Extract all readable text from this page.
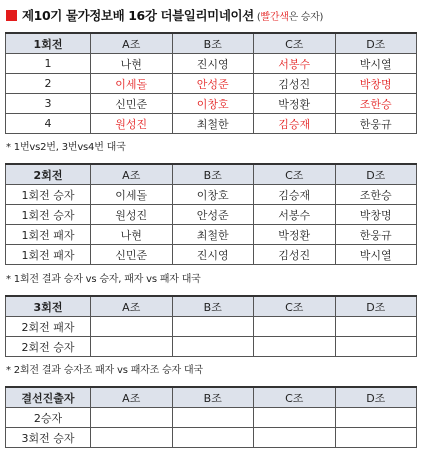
제10기 물가정보배 16강 더블일리미네이션 (빨간색은 승자)
1회전	A조	B조	C조	D조
1	나현	진시영	서봉수	박시열
2	이세돌	안성준	김성진	박창명
3	신민준	이창호	박정환	조한승
4	원성진	최철한	김승재	한웅규
* 1번vs2번, 3번vs4번 대국
2회전	A조	B조	C조	D조
1회전 승자	이세돌	이창호	김승재	조한승
1회전 승자	원성진	안성준	서봉수	박창명
1회전 패자	나현	최철한	박정환	한웅규
1회전 패자	신민준	진시영	김성진	박시열
* 1회전 결과 승자 vs 승자, 패자 vs 패자 대국
3회전	A조	B조	C조	D조
2회전 패자				
2회전 승자				
* 2회전 결과 승자조 패자 vs 패자조 승자 대국
결선진출자	A조	B조	C조	D조
2승자				
3회전 승자				
